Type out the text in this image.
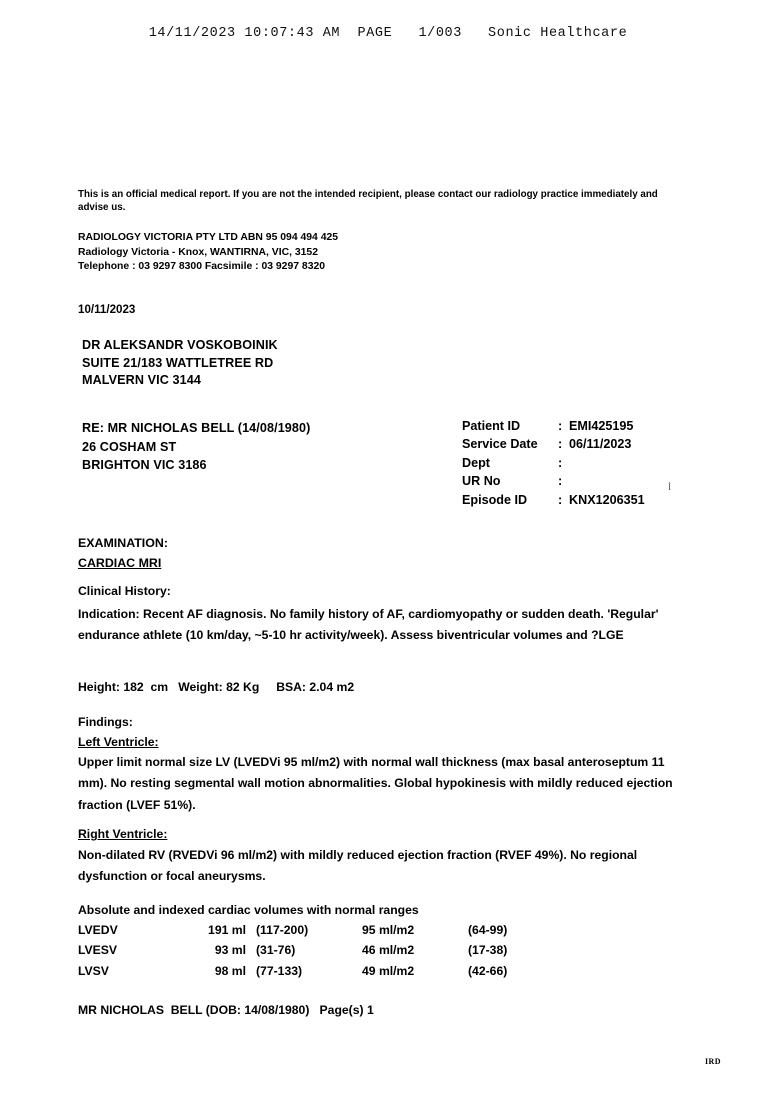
14/11/2023 10:07:43 AM  PAGE   1/003   Sonic Healthcare
This is an official medical report. If you are not the intended recipient, please contact our radiology practice immediately and advise us.
RADIOLOGY VICTORIA PTY LTD ABN 95 094 494 425
Radiology Victoria - Knox, WANTIRNA, VIC, 3152
Telephone : 03 9297 8300 Facsimile : 03 9297 8320
10/11/2023
DR ALEKSANDR VOSKOBOINIK
SUITE 21/183 WATTLETREE RD
MALVERN VIC 3144
RE: MR NICHOLAS BELL (14/08/1980)
26 COSHAM ST
BRIGHTON VIC 3186
Patient ID	:	EMI425195
Service Date	:	06/11/2023
Dept	:	
UR No	:	
Episode ID	:	KNX1206351
İ
EXAMINATION:
CARDIAC MRI
Clinical History:
Indication: Recent AF diagnosis. No family history of AF, cardiomyopathy or sudden death. 'Regular' endurance athlete (10 km/day, ~5-10 hr activity/week). Assess biventricular volumes and ?LGE
Height: 182  cm   Weight: 82 Kg     BSA: 2.04 m2
Findings:
Left Ventricle:
Upper limit normal size LV (LVEDVi 95 ml/m2) with normal wall thickness (max basal anteroseptum 11 mm). No resting segmental wall motion abnormalities. Global hypokinesis with mildly reduced ejection fraction (LVEF 51%).
Right Ventricle:
Non-dilated RV (RVEDVi 96 ml/m2) with mildly reduced ejection fraction (RVEF 49%). No regional dysfunction or focal aneurysms.
Absolute and indexed cardiac volumes with normal ranges
LVEDV	191 ml	(117-200)	95 ml/m2	(64-99)
LVESV	93 ml	(31-76)	46 ml/m2	(17-38)
LVSV	98 ml	(77-133)	49 ml/m2	(42-66)
MR NICHOLAS  BELL (DOB: 14/08/1980)   Page(s) 1
IRD
